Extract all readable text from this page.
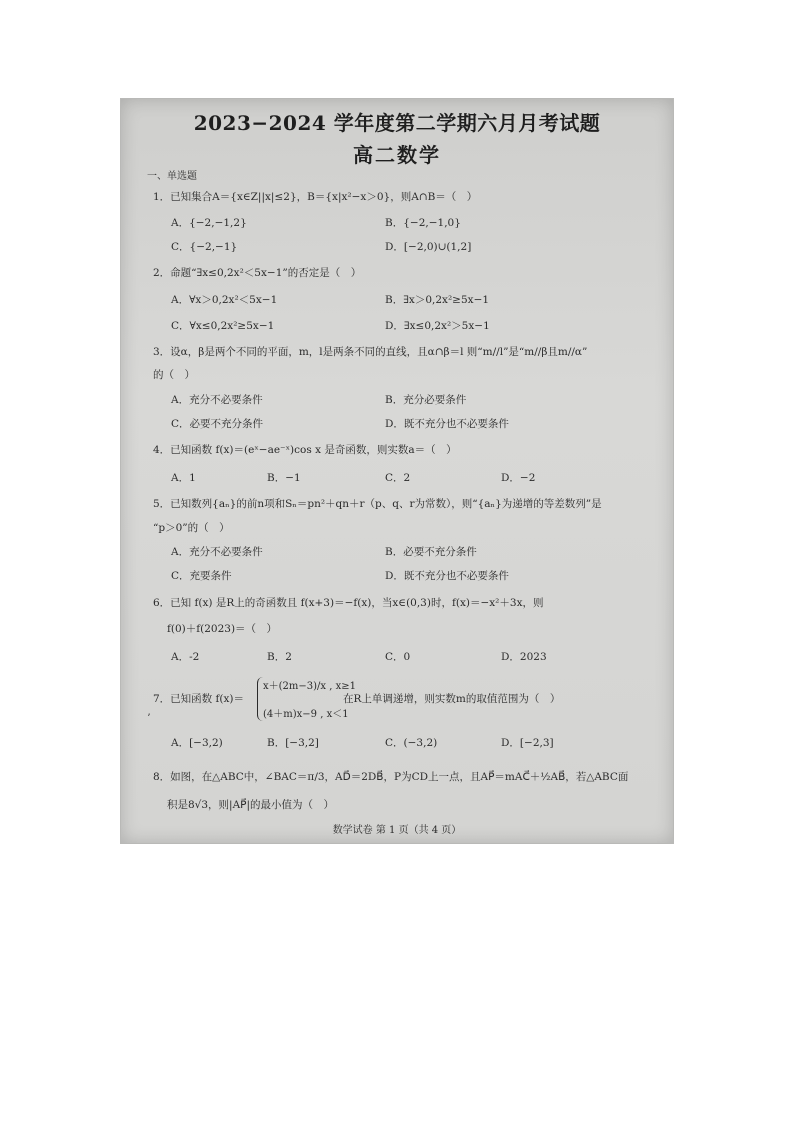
2023−2024 学年度第二学期六月月考试题
高二数学
一、单选题
1．已知集合A＝{x∈Z||x|≤2}，B＝{x|x²−x＞0}，则A∩B＝（　）
A．{−2,−1,2}	B．{−2,−1,0}
C．{−2,−1}	D．[−2,0)∪(1,2]
2．命题“∃x≤0,2x²＜5x−1”的否定是（　）
A．∀x＞0,2x²＜5x−1	B．∃x＞0,2x²≥5x−1
C．∀x≤0,2x²≥5x−1	D．∃x≤0,2x²＞5x−1
3．设α，β是两个不同的平面，m，l是两条不同的直线，且α∩β＝l 则“m//l”是“m//β且m//α”
的（　）
A．充分不必要条件	B．充分必要条件
C．必要不充分条件	D．既不充分也不必要条件
4．已知函数 f(x)＝(eˣ−ae⁻ˣ)cos x 是奇函数，则实数a＝（　）
A．1	B．−1	C．2	D．−2
5．已知数列{aₙ}的前n项和Sₙ＝pn²＋qn＋r（p、q、r为常数），则“{aₙ}为递增的等差数列”是
“p＞0”的（　）
A．充分不必要条件	B．必要不充分条件
C．充要条件	D．既不充分也不必要条件
6．已知 f(x) 是R上的奇函数且 f(x+3)＝−f(x)，当x∈(0,3)时，f(x)＝−x²＋3x，则
f(0)＋f(2023)＝（　）
A．-2	B．2	C．0	D．2023
7．已知函数 f(x)＝
x＋(2m−3)/x , x≥1
(4＋m)x−9 , x＜1
在R上单调递增，则实数m的取值范围为（　）
ʼ
A．[−3,2)	B．[−3,2]	C．(−3,2)	D．[−2,3]
8．如图，在△ABC中，∠BAC＝π/3，AD⃗＝2DB⃗，P为CD上一点，且AP⃗＝mAC⃗＋½AB⃗，若△ABC面
积是8√3，则|AP⃗|的最小值为（　）
数学试卷 第 1 页（共 4 页）
